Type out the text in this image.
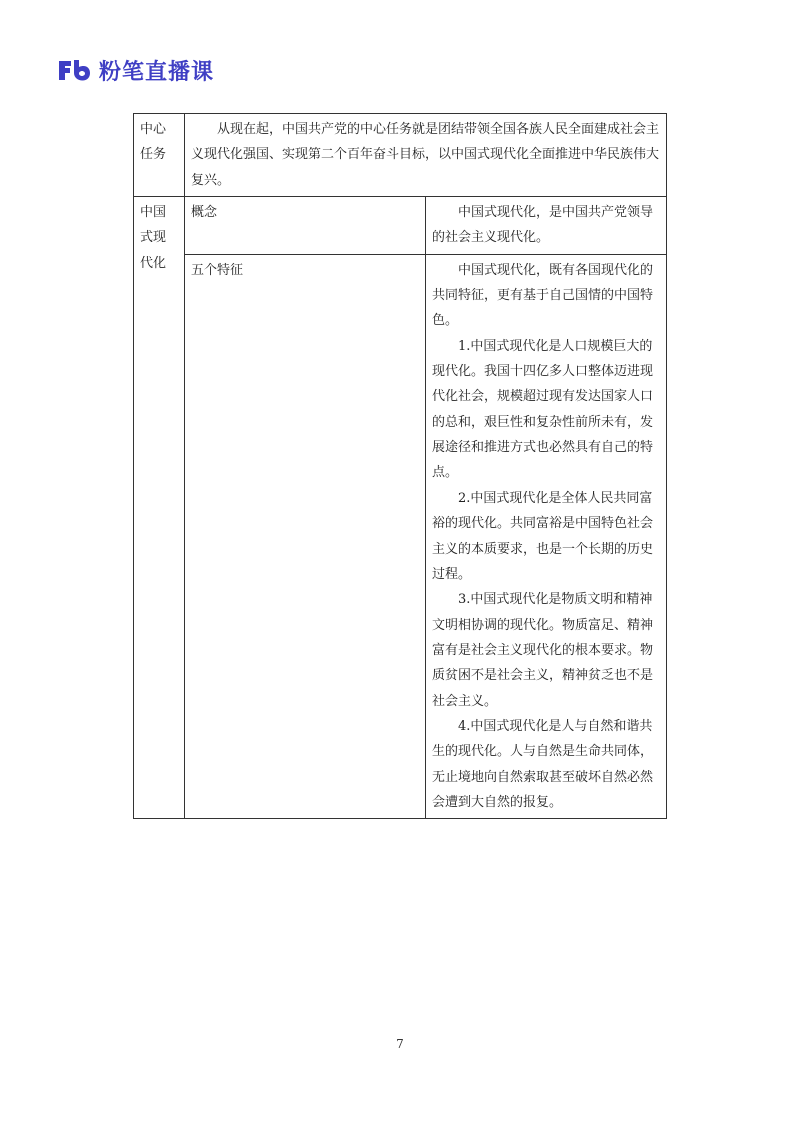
粉笔直播课
中心任务	从现在起，中国共产党的中心任务就是团结带领全国各族人民全面建成社会主义现代化强国、实现第二个百年奋斗目标，以中国式现代化全面推进中华民族伟大复兴。	

中国式现代化	概念	中国式现代化，是中国共产党领导的社会主义现代化。

	五个特征	中国式现代化，既有各国现代化的共同特征，更有基于自己国情的中国特色。

1.中国式现代化是人口规模巨大的现代化。我国十四亿多人口整体迈进现代化社会，规模超过现有发达国家人口的总和，艰巨性和复杂性前所未有，发展途径和推进方式也必然具有自己的特点。

2.中国式现代化是全体人民共同富裕的现代化。共同富裕是中国特色社会主义的本质要求，也是一个长期的历史过程。

3.中国式现代化是物质文明和精神文明相协调的现代化。物质富足、精神富有是社会主义现代化的根本要求。物质贫困不是社会主义，精神贫乏也不是社会主义。

4.中国式现代化是人与自然和谐共生的现代化。人与自然是生命共同体，无止境地向自然索取甚至破坏自然必然会遭到大自然的报复。

7
